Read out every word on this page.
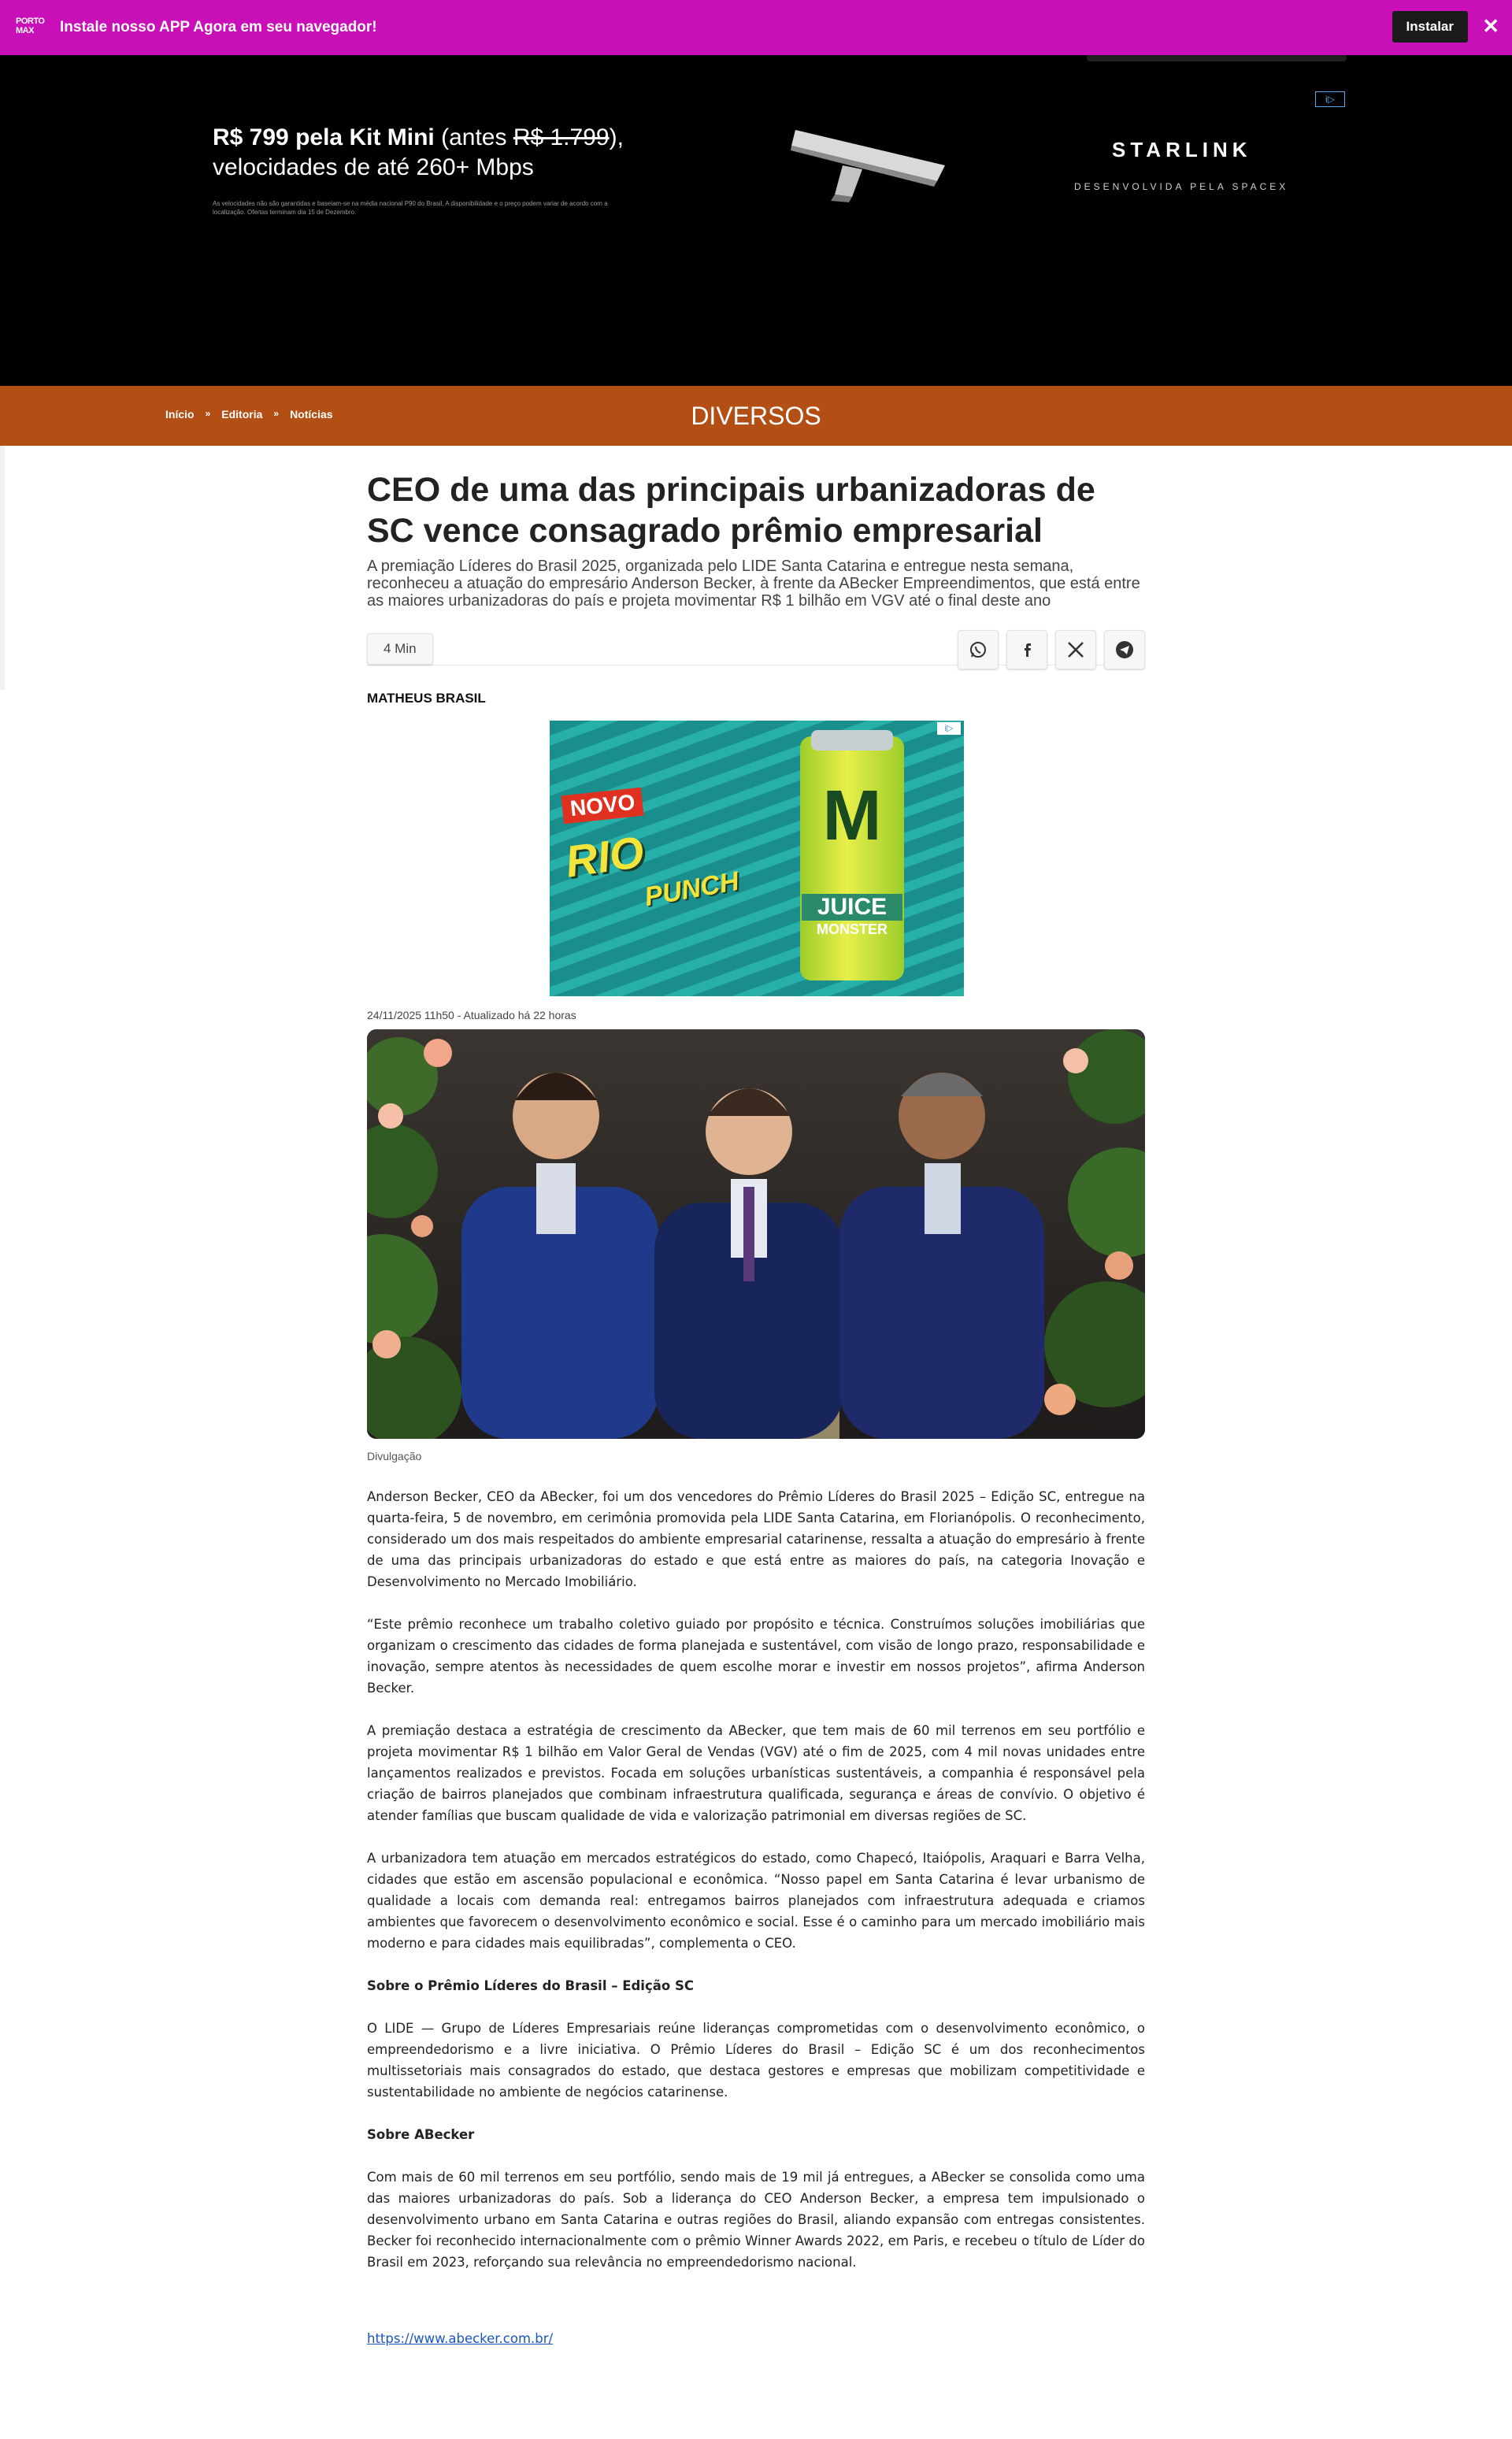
PORTO MAX	Instale nosso APP Agora em seu navegador!	Instalar	✕
i▷
R$ 799 pela Kit Mini (antes R$ 1.799),
velocidades de até 260+ Mbps
As velocidades não são garantidas e baseiam-se na média nacional P90 do Brasil. A disponibilidade e o preço podem variar de acordo com a localização. Ofertas terminam dia 15 de Dezembro.
STARLINK
DESENVOLVIDA PELA SPACEX
Início » Editoria » Notícias	DIVERSOS
CEO de uma das principais urbanizadoras de SC vence consagrado prêmio empresarial

A premiação Líderes do Brasil 2025, organizada pelo LIDE Santa Catarina e entregue nesta semana, reconheceu a atuação do empresário Anderson Becker, à frente da ABecker Empreendimentos, que está entre as maiores urbanizadoras do país e projeta movimentar R$ 1 bilhão em VGV até o final deste ano

4 Min
MATHEUS BRASIL
NOVO
RIO
PUNCH
M
JUICE
MONSTER
i▷
24/11/2025 11h50 - Atualizado há 22 horas
Divulgação

Anderson Becker, CEO da ABecker, foi um dos vencedores do Prêmio Líderes do Brasil 2025 – Edição SC, entregue na quarta-feira, 5 de novembro, em cerimônia promovida pela LIDE Santa Catarina, em Florianópolis. O reconhecimento, considerado um dos mais respeitados do ambiente empresarial catarinense, ressalta a atuação do empresário à frente de uma das principais urbanizadoras do estado e que está entre as maiores do país, na categoria Inovação e Desenvolvimento no Mercado Imobiliário.

“Este prêmio reconhece um trabalho coletivo guiado por propósito e técnica. Construímos soluções imobiliárias que organizam o crescimento das cidades de forma planejada e sustentável, com visão de longo prazo, responsabilidade e inovação, sempre atentos às necessidades de quem escolhe morar e investir em nossos projetos”, afirma Anderson Becker.

A premiação destaca a estratégia de crescimento da ABecker, que tem mais de 60 mil terrenos em seu portfólio e projeta movimentar R$ 1 bilhão em Valor Geral de Vendas (VGV) até o fim de 2025, com 4 mil novas unidades entre lançamentos realizados e previstos. Focada em soluções urbanísticas sustentáveis, a companhia é responsável pela criação de bairros planejados que combinam infraestrutura qualificada, segurança e áreas de convívio. O objetivo é atender famílias que buscam qualidade de vida e valorização patrimonial em diversas regiões de SC.

A urbanizadora tem atuação em mercados estratégicos do estado, como Chapecó, Itaiópolis, Araquari e Barra Velha, cidades que estão em ascensão populacional e econômica. “Nosso papel em Santa Catarina é levar urbanismo de qualidade a locais com demanda real: entregamos bairros planejados com infraestrutura adequada e criamos ambientes que favorecem o desenvolvimento econômico e social. Esse é o caminho para um mercado imobiliário mais moderno e para cidades mais equilibradas”, complementa o CEO.

Sobre o Prêmio Líderes do Brasil – Edição SC

O LIDE — Grupo de Líderes Empresariais reúne lideranças comprometidas com o desenvolvimento econômico, o empreendedorismo e a livre iniciativa. O Prêmio Líderes do Brasil – Edição SC é um dos reconhecimentos multissetoriais mais consagrados do estado, que destaca gestores e empresas que mobilizam competitividade e sustentabilidade no ambiente de negócios catarinense.

Sobre ABecker

Com mais de 60 mil terrenos em seu portfólio, sendo mais de 19 mil já entregues, a ABecker se consolida como uma das maiores urbanizadoras do país. Sob a liderança do CEO Anderson Becker, a empresa tem impulsionado o desenvolvimento urbano em Santa Catarina e outras regiões do Brasil, aliando expansão com entregas consistentes. Becker foi reconhecido internacionalmente com o prêmio Winner Awards 2022, em Paris, e recebeu o título de Líder do Brasil em 2023, reforçando sua relevância no empreendedorismo nacional.

https://www.abecker.com.br/
